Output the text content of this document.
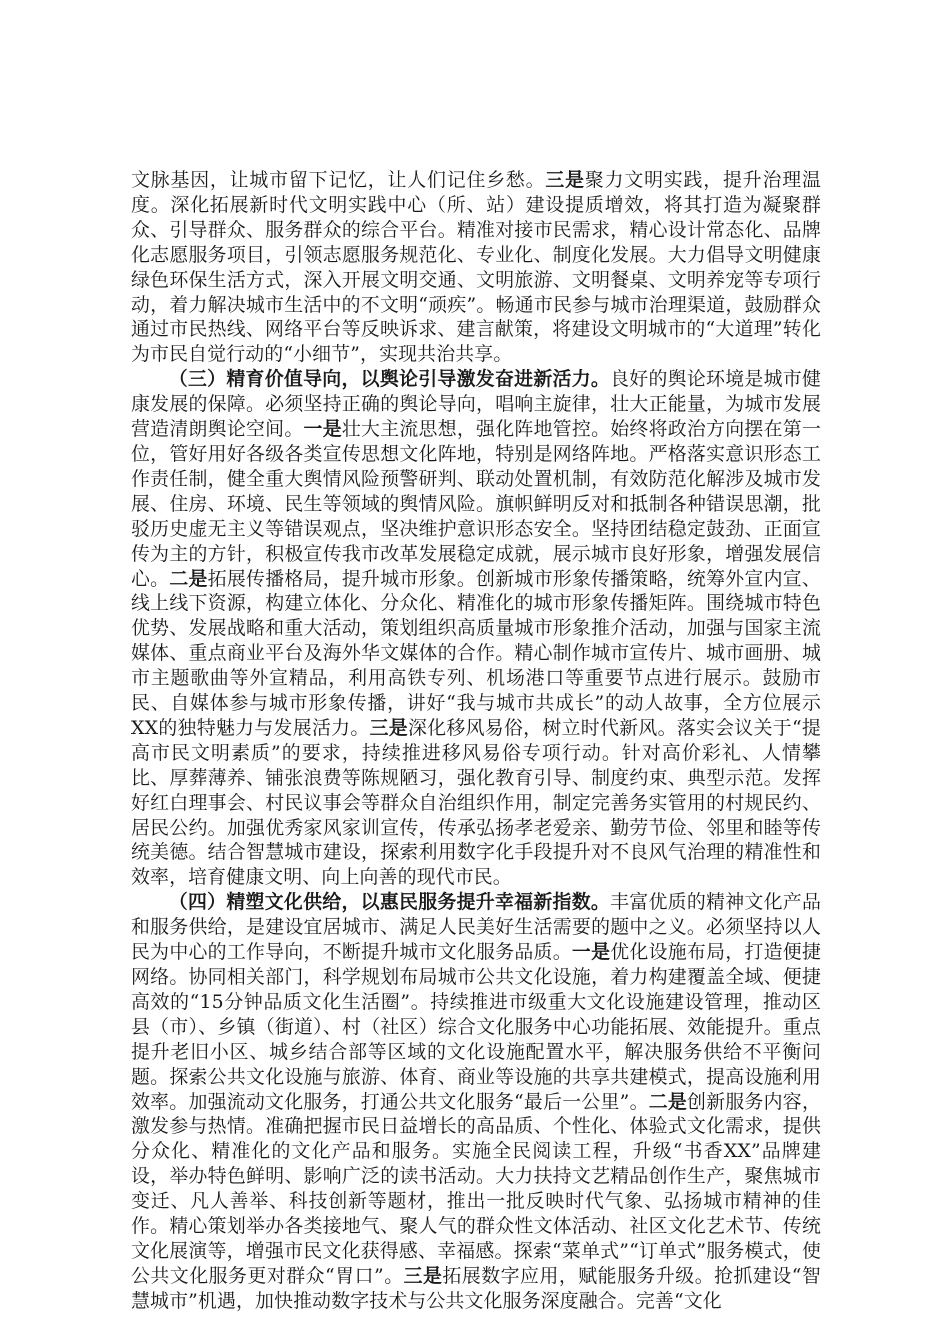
文脉基因，让城市留下记忆，让人们记住乡愁。三是聚力文明实践，提升治理温度。深化拓展新时代文明实践中心（所、站）建设提质增效，将其打造为凝聚群众、引导群众、服务群众的综合平台。精准对接市民需求，精心设计常态化、品牌化志愿服务项目，引领志愿服务规范化、专业化、制度化发展。大力倡导文明健康绿色环保生活方式，深入开展文明交通、文明旅游、文明餐桌、文明养宠等专项行动，着力解决城市生活中的不文明“顽疾”。畅通市民参与城市治理渠道，鼓励群众通过市民热线、网络平台等反映诉求、建言献策，将建设文明城市的“大道理”转化为市民自觉行动的“小细节”，实现共治共享。

（三）精育价值导向，以舆论引导激发奋进新活力。良好的舆论环境是城市健康发展的保障。必须坚持正确的舆论导向，唱响主旋律，壮大正能量，为城市发展营造清朗舆论空间。一是壮大主流思想，强化阵地管控。始终将政治方向摆在第一位，管好用好各级各类宣传思想文化阵地，特别是网络阵地。严格落实意识形态工作责任制，健全重大舆情风险预警研判、联动处置机制，有效防范化解涉及城市发展、住房、环境、民生等领域的舆情风险。旗帜鲜明反对和抵制各种错误思潮，批驳历史虚无主义等错误观点，坚决维护意识形态安全。坚持团结稳定鼓劲、正面宣传为主的方针，积极宣传我市改革发展稳定成就，展示城市良好形象，增强发展信心。二是拓展传播格局，提升城市形象。创新城市形象传播策略，统筹外宣内宣、线上线下资源，构建立体化、分众化、精准化的城市形象传播矩阵。围绕城市特色优势、发展战略和重大活动，策划组织高质量城市形象推介活动，加强与国家主流媒体、重点商业平台及海外华文媒体的合作。精心制作城市宣传片、城市画册、城市主题歌曲等外宣精品，利用高铁专列、机场港口等重要节点进行展示。鼓励市民、自媒体参与城市形象传播，讲好“我与城市共成长”的动人故事，全方位展示XX的独特魅力与发展活力。三是深化移风易俗，树立时代新风。落实会议关于“提高市民文明素质”的要求，持续推进移风易俗专项行动。针对高价彩礼、人情攀比、厚葬薄养、铺张浪费等陈规陋习，强化教育引导、制度约束、典型示范。发挥好红白理事会、村民议事会等群众自治组织作用，制定完善务实管用的村规民约、居民公约。加强优秀家风家训宣传，传承弘扬孝老爱亲、勤劳节俭、邻里和睦等传统美德。结合智慧城市建设，探索利用数字化手段提升对不良风气治理的精准性和效率，培育健康文明、向上向善的现代市民。

（四）精塑文化供给，以惠民服务提升幸福新指数。丰富优质的精神文化产品和服务供给，是建设宜居城市、满足人民美好生活需要的题中之义。必须坚持以人民为中心的工作导向，不断提升城市文化服务品质。一是优化设施布局，打造便捷网络。协同相关部门，科学规划布局城市公共文化设施，着力构建覆盖全域、便捷高效的“15分钟品质文化生活圈”。持续推进市级重大文化设施建设管理，推动区县（市）、乡镇（街道）、村（社区）综合文化服务中心功能拓展、效能提升。重点提升老旧小区、城乡结合部等区域的文化设施配置水平，解决服务供给不平衡问题。探索公共文化设施与旅游、体育、商业等设施的共享共建模式，提高设施利用效率。加强流动文化服务，打通公共文化服务“最后一公里”。二是创新服务内容，激发参与热情。准确把握市民日益增长的高品质、个性化、体验式文化需求，提供分众化、精准化的文化产品和服务。实施全民阅读工程，升级“书香XX”品牌建设，举办特色鲜明、影响广泛的读书活动。大力扶持文艺精品创作生产，聚焦城市变迁、凡人善举、科技创新等题材，推出一批反映时代气象、弘扬城市精神的佳作。精心策划举办各类接地气、聚人气的群众性文体活动、社区文化艺术节、传统文化展演等，增强市民文化获得感、幸福感。探索“菜单式”“订单式”服务模式，使公共文化服务更对群众“胃口”。三是拓展数字应用，赋能服务升级。抢抓建设“智慧城市”机遇，加快推动数字技术与公共文化服务深度融合。完善“文化
